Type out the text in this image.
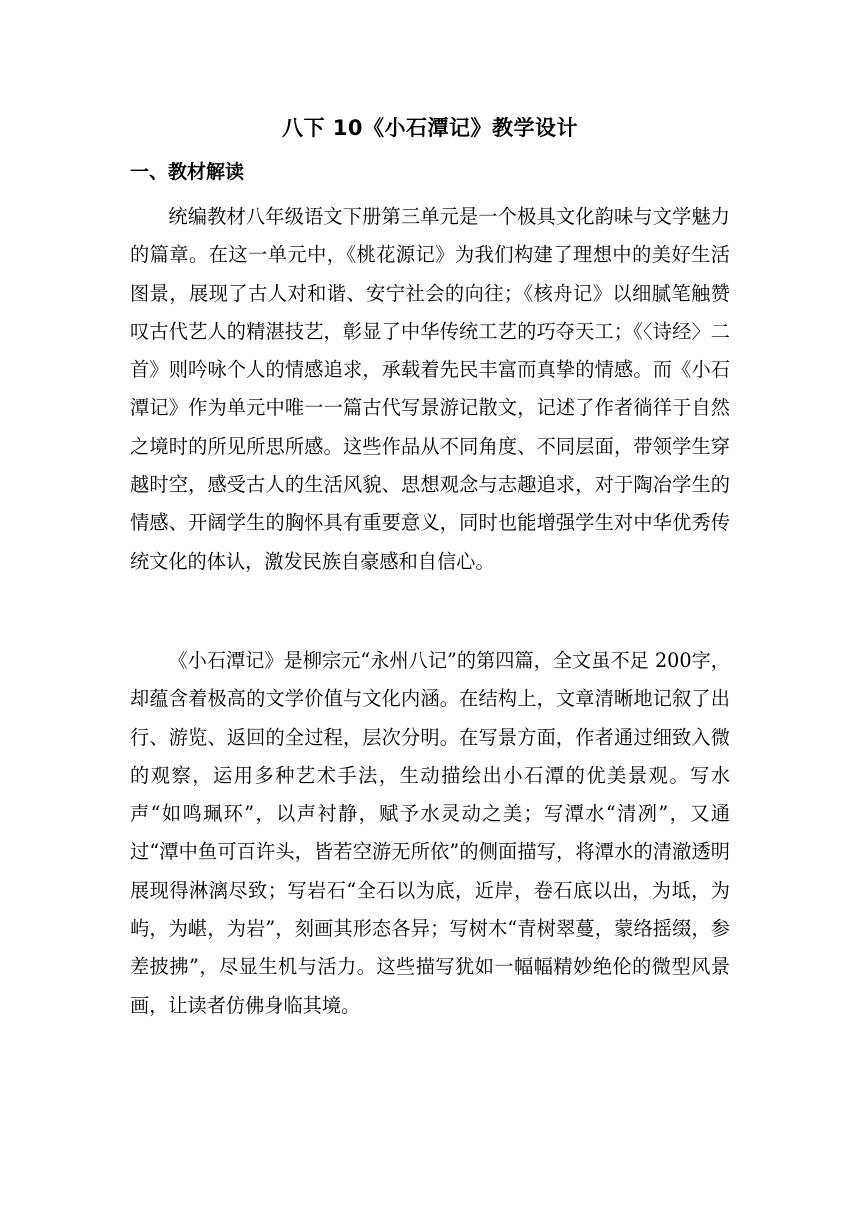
八下 10《小石潭记》教学设计
一、教材解读

统编教材八年级语文下册第三单元是一个极具文化韵味与文学魅力的篇章。在这一单元中，《桃花源记》为我们构建了理想中的美好生活图景，展现了古人对和谐、安宁社会的向往；《核舟记》以细腻笔触赞叹古代艺人的精湛技艺，彰显了中华传统工艺的巧夺天工；《〈诗经〉二首》则吟咏个人的情感追求，承载着先民丰富而真挚的情感。而《小石潭记》作为单元中唯一一篇古代写景游记散文，记述了作者徜徉于自然之境时的所见所思所感。这些作品从不同角度、不同层面，带领学生穿越时空，感受古人的生活风貌、思想观念与志趣追求，对于陶冶学生的情感、开阔学生的胸怀具有重要意义，同时也能增强学生对中华优秀传统文化的体认，激发民族自豪感和自信心。

《小石潭记》是柳宗元“永州八记”的第四篇，全文虽不足 200字，却蕴含着极高的文学价值与文化内涵。在结构上，文章清晰地记叙了出行、游览、返回的全过程，层次分明。在写景方面，作者通过细致入微的观察，运用多种艺术手法，生动描绘出小石潭的优美景观。写水声“如鸣珮环”，以声衬静，赋予水灵动之美；写潭水“清冽”，又通过“潭中鱼可百许头，皆若空游无所依”的侧面描写，将潭水的清澈透明展现得淋漓尽致；写岩石“全石以为底，近岸，卷石底以出，为坻，为屿，为嵁，为岩”，刻画其形态各异；写树木“青树翠蔓，蒙络摇缀，参差披拂”，尽显生机与活力。这些描写犹如一幅幅精妙绝伦的微型风景画，让读者仿佛身临其境。
